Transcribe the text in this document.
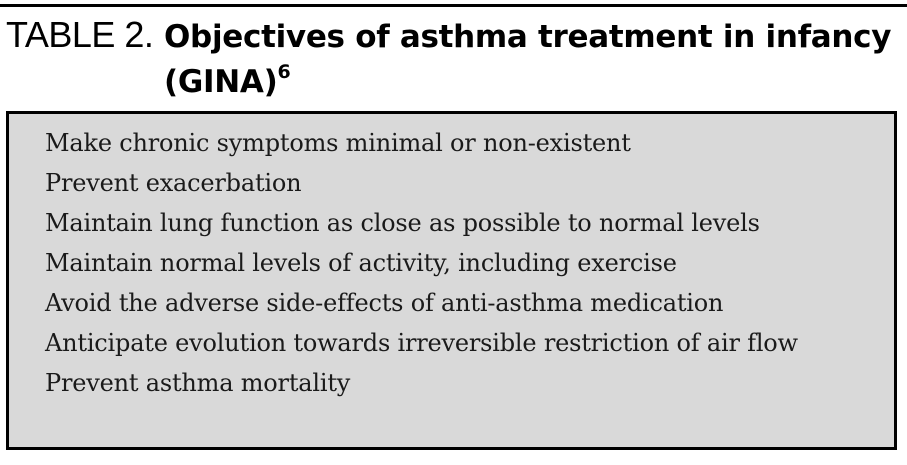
TABLE 2. Objectives of asthma treatment in infancy
(GINA)$^6$
Make chronic symptoms minimal or non-existent
Prevent exacerbation
Maintain lung function as close as possible to normal levels
Maintain normal levels of activity, including exercise
Avoid the adverse side-effects of anti-asthma medication
Anticipate evolution towards irreversible restriction of air flow
Prevent asthma mortality
